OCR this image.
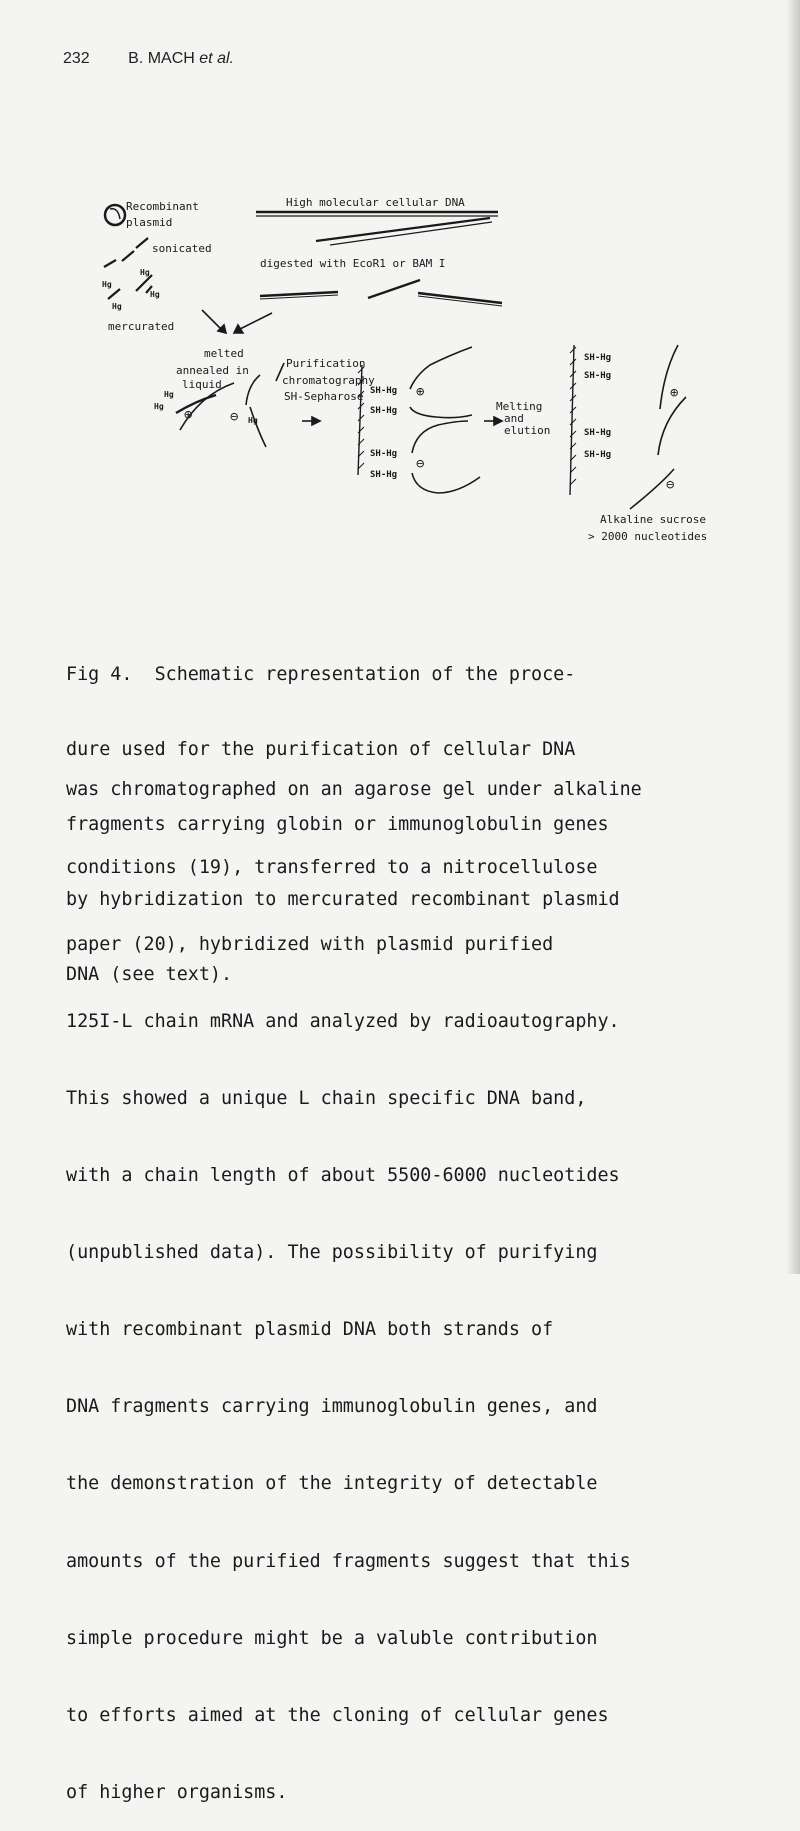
232 B. MACH et al.
Recombinant
plasmid
sonicated
Hg
Hg
Hg
Hg
mercurated
High molecular cellular DNA
digested with EcoR1 or BAM I
melted
annealed in
liquid
Hg
Hg
⊕	⊖ Hg
Purification
chromatography
SH-Sepharose SH-Hg
SH-Hg
SH-Hg
SH-Hg
⊕
⊖
Melting
and
elution
SH-Hg
SH-Hg
SH-Hg
SH-Hg
⊕
⊖
Alkaline sucrose
> 2000 nucleotides

Fig 4.  Schematic representation of the proce-

dure used for the purification of cellular DNA

fragments carrying globin or immunoglobulin genes

by hybridization to mercurated recombinant plasmid

DNA (see text).

was chromatographed on an agarose gel under alkaline

conditions (19), transferred to a nitrocellulose

paper (20), hybridized with plasmid purified

125I-L chain mRNA and analyzed by radioautography.

This showed a unique L chain specific DNA band,

with a chain length of about 5500-6000 nucleotides

(unpublished data). The possibility of purifying

with recombinant plasmid DNA both strands of

DNA fragments carrying immunoglobulin genes, and

the demonstration of the integrity of detectable

amounts of the purified fragments suggest that this

simple procedure might be a valuble contribution

to efforts aimed at the cloning of cellular genes

of higher organisms.
